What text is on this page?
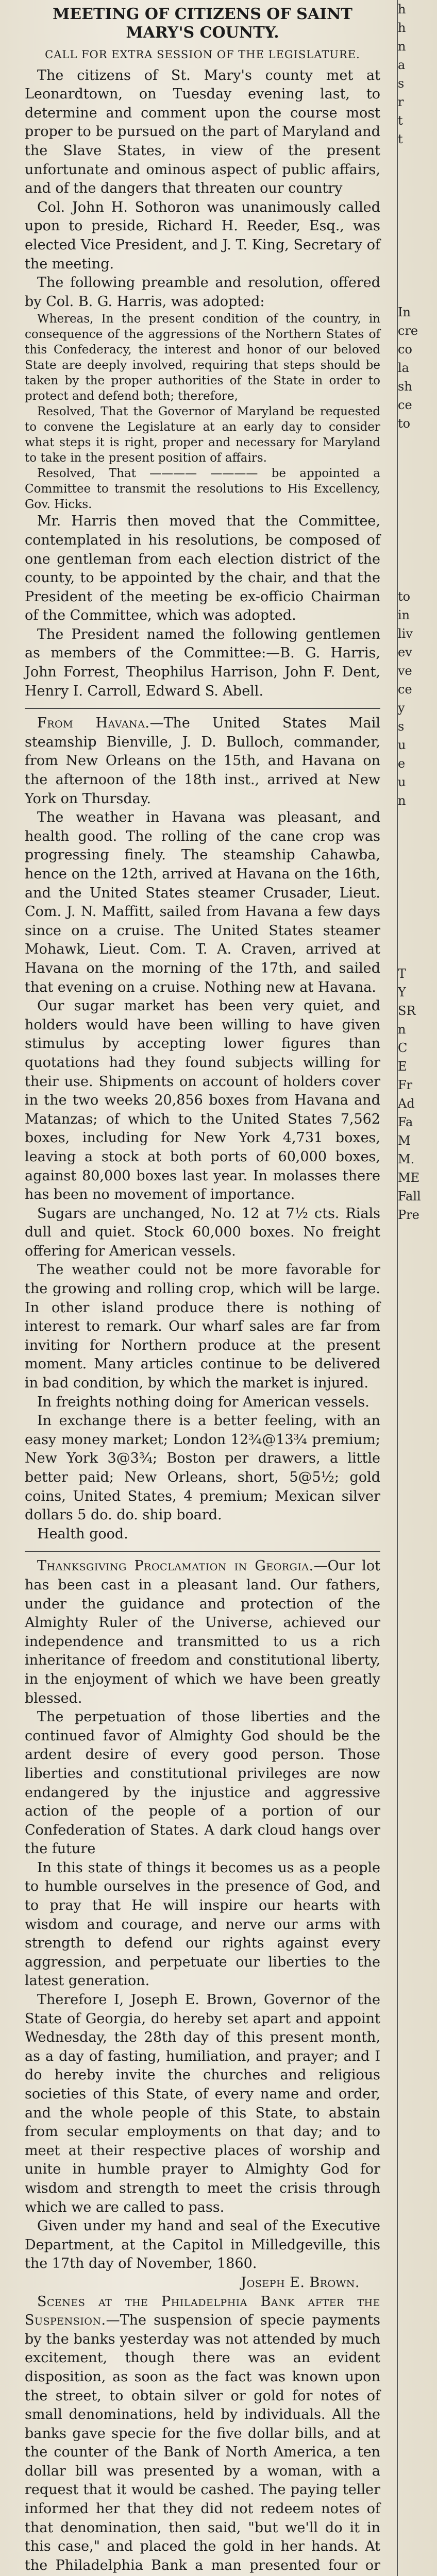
MEETING OF CITIZENS OF SAINT MARY'S COUNTY.
CALL FOR EXTRA SESSION OF THE LEGISLATURE.

The citizens of St. Mary's county met at Leonardtown, on Tuesday evening last, to determine and comment upon the course most proper to be pursued on the part of Maryland and the Slave States, in view of the present unfortunate and ominous aspect of public affairs, and of the dangers that threaten our country

Col. John H. Sothoron was unanimously called upon to preside, Richard H. Reeder, Esq., was elected Vice President, and J. T. King, Secretary of the meeting.

The following preamble and resolution, offered by Col. B. G. Harris, was adopted:

Whereas, In the present condition of the country, in consequence of the aggressions of the Northern States of this Confederacy, the interest and honor of our beloved State are deeply involved, requiring that steps should be taken by the proper authorities of the State in order to protect and defend both; therefore,

Resolved, That the Governor of Maryland be requested to convene the Legislature at an early day to consider what steps it is right, proper and necessary for Maryland to take in the present position of affairs.

Resolved, That ———— ———— be appointed a Committee to transmit the resolutions to His Excellency, Gov. Hicks.

Mr. Harris then moved that the Committee, contemplated in his resolutions, be composed of one gentleman from each election district of the county, to be appointed by the chair, and that the President of the meeting be ex-officio Chairman of the Committee, which was adopted.

The President named the following gentlemen as members of the Committee:—B. G. Harris, John Forrest, Theophilus Harrison, John F. Dent, Henry I. Carroll, Edward S. Abell.

From Havana.—The United States Mail steamship Bienville, J. D. Bulloch, commander, from New Orleans on the 15th, and Havana on the afternoon of the 18th inst., arrived at New York on Thursday.

The weather in Havana was pleasant, and health good. The rolling of the cane crop was progressing finely. The steamship Cahawba, hence on the 12th, arrived at Havana on the 16th, and the United States steamer Crusader, Lieut. Com. J. N. Maffitt, sailed from Havana a few days since on a cruise. The United States steamer Mohawk, Lieut. Com. T. A. Craven, arrived at Havana on the morning of the 17th, and sailed that evening on a cruise. Nothing new at Havana.

Our sugar market has been very quiet, and holders would have been willing to have given stimulus by accepting lower figures than quotations had they found subjects willing for their use. Shipments on account of holders cover in the two weeks 20,856 boxes from Havana and Matanzas; of which to the United States 7,562 boxes, including for New York 4,731 boxes, leaving a stock at both ports of 60,000 boxes, against 80,000 boxes last year. In molasses there has been no movement of importance.

Sugars are unchanged, No. 12 at 7½ cts. Rials dull and quiet. Stock 60,000 boxes. No freight offering for American vessels.

The weather could not be more favorable for the growing and rolling crop, which will be large. In other island produce there is nothing of interest to remark. Our wharf sales are far from inviting for Northern produce at the present moment. Many articles continue to be delivered in bad condition, by which the market is injured.

In freights nothing doing for American vessels.

In exchange there is a better feeling, with an easy money market; London 12¾@13¾ premium; New York 3@3¾; Boston per drawers, a little better paid; New Orleans, short, 5@5½; gold coins, United States, 4 premium; Mexican silver dollars 5 do. do. ship board.

Health good.

Thanksgiving Proclamation in Georgia.—Our lot has been cast in a pleasant land. Our fathers, under the guidance and protection of the Almighty Ruler of the Universe, achieved our independence and transmitted to us a rich inheritance of freedom and constitutional liberty, in the enjoyment of which we have been greatly blessed.

The perpetuation of those liberties and the continued favor of Almighty God should be the ardent desire of every good person. Those liberties and constitutional privileges are now endangered by the injustice and aggressive action of the people of a portion of our Confederation of States. A dark cloud hangs over the future

In this state of things it becomes us as a people to humble ourselves in the presence of God, and to pray that He will inspire our hearts with wisdom and courage, and nerve our arms with strength to defend our rights against every aggression, and perpetuate our liberties to the latest generation.

Therefore I, Joseph E. Brown, Governor of the State of Georgia, do hereby set apart and appoint Wednesday, the 28th day of this present month, as a day of fasting, humiliation, and prayer; and I do hereby invite the churches and religious societies of this State, of every name and order, and the whole people of this State, to abstain from secular employments on that day; and to meet at their respective places of worship and unite in humble prayer to Almighty God for wisdom and strength to meet the crisis through which we are called to pass.

Given under my hand and seal of the Executive Department, at the Capitol in Milledgeville, this the 17th day of November, 1860.

Joseph E. Brown.

Scenes at the Philadelphia Bank after the Suspension.—The suspension of specie payments by the banks yesterday was not attended by much excitement, though there was an evident disposition, as soon as the fact was known upon the street, to obtain silver or gold for notes of small denominations, held by individuals. All the banks gave specie for the five dollar bills, and at the counter of the Bank of North America, a ten dollar bill was presented by a woman, with a request that it would be cashed. The paying teller informed her that they did not redeem notes of that denomination, then said, "but we'll do it in this case," and placed the gold in her hands. At the Philadelphia Bank a man presented four or

h
h
n
a
s
r
t
t
In
cre
co
la
sh
ce
to
to
in
liv
ev
ve
ce
y
s
u
e
u
n
T
Y
SR
n
C
E
Fr
Ad
Fa
M
M.
ME
Fall
Pre
